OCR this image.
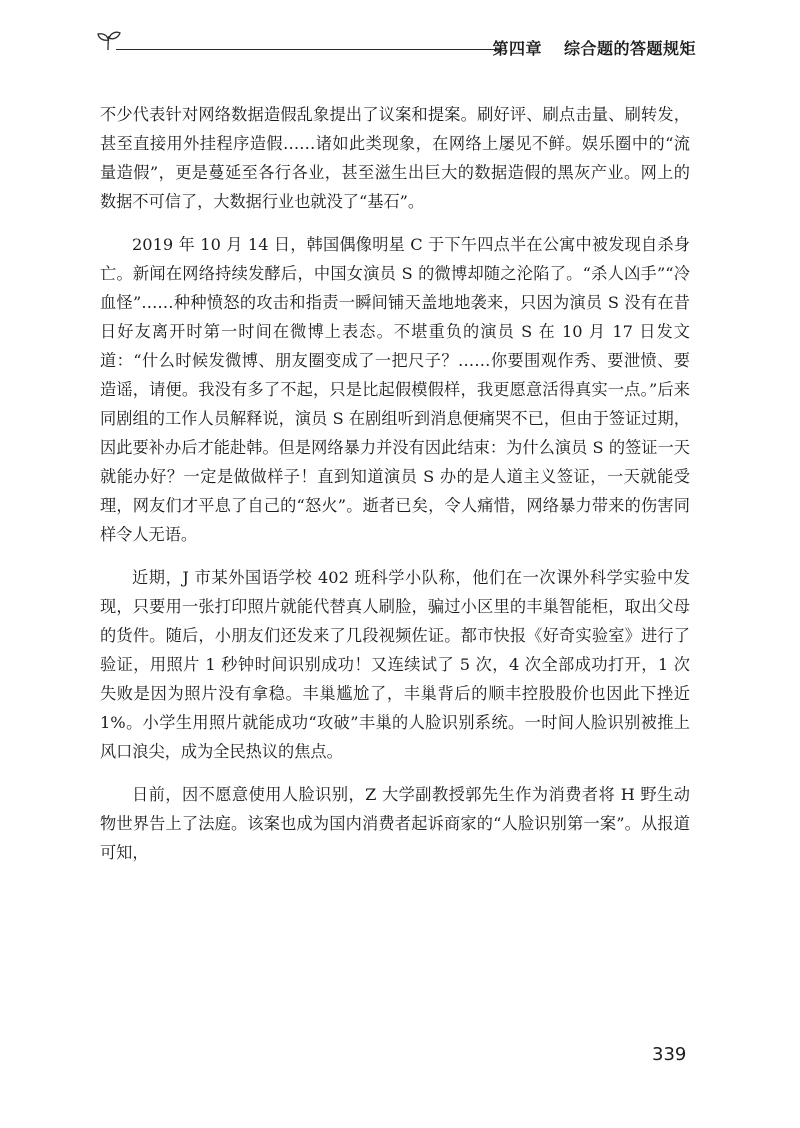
第四章 综合题的答题规矩

不少代表针对网络数据造假乱象提出了议案和提案。刷好评、刷点击量、刷转发，甚至直接用外挂程序造假……诸如此类现象，在网络上屡见不鲜。娱乐圈中的“流量造假”，更是蔓延至各行各业，甚至滋生出巨大的数据造假的黑灰产业。网上的数据不可信了，大数据行业也就没了“基石”。

2019 年 10 月 14 日，韩国偶像明星 C 于下午四点半在公寓中被发现自杀身亡。新闻在网络持续发酵后，中国女演员 S 的微博却随之沦陷了。“杀人凶手”“冷血怪”……种种愤怒的攻击和指责一瞬间铺天盖地地袭来，只因为演员 S 没有在昔日好友离开时第一时间在微博上表态。不堪重负的演员 S 在 10 月 17 日发文道：“什么时候发微博、朋友圈变成了一把尺子？……你要围观作秀、要泄愤、要造谣，请便。我没有多了不起，只是比起假模假样，我更愿意活得真实一点。”后来同剧组的工作人员解释说，演员 S 在剧组听到消息便痛哭不已，但由于签证过期，因此要补办后才能赴韩。但是网络暴力并没有因此结束：为什么演员 S 的签证一天就能办好？一定是做做样子！直到知道演员 S 办的是人道主义签证，一天就能受理，网友们才平息了自己的“怒火”。逝者已矣，令人痛惜，网络暴力带来的伤害同样令人无语。

近期，J 市某外国语学校 402 班科学小队称，他们在一次课外科学实验中发现，只要用一张打印照片就能代替真人刷脸，骗过小区里的丰巢智能柜，取出父母的货件。随后，小朋友们还发来了几段视频佐证。都市快报《好奇实验室》进行了验证，用照片 1 秒钟时间识别成功！又连续试了 5 次，4 次全部成功打开，1 次失败是因为照片没有拿稳。丰巢尴尬了，丰巢背后的顺丰控股股价也因此下挫近 1%。小学生用照片就能成功“攻破”丰巢的人脸识别系统。一时间人脸识别被推上风口浪尖，成为全民热议的焦点。

日前，因不愿意使用人脸识别，Z 大学副教授郭先生作为消费者将 H 野生动物世界告上了法庭。该案也成为国内消费者起诉商家的“人脸识别第一案”。从报道可知，

339
